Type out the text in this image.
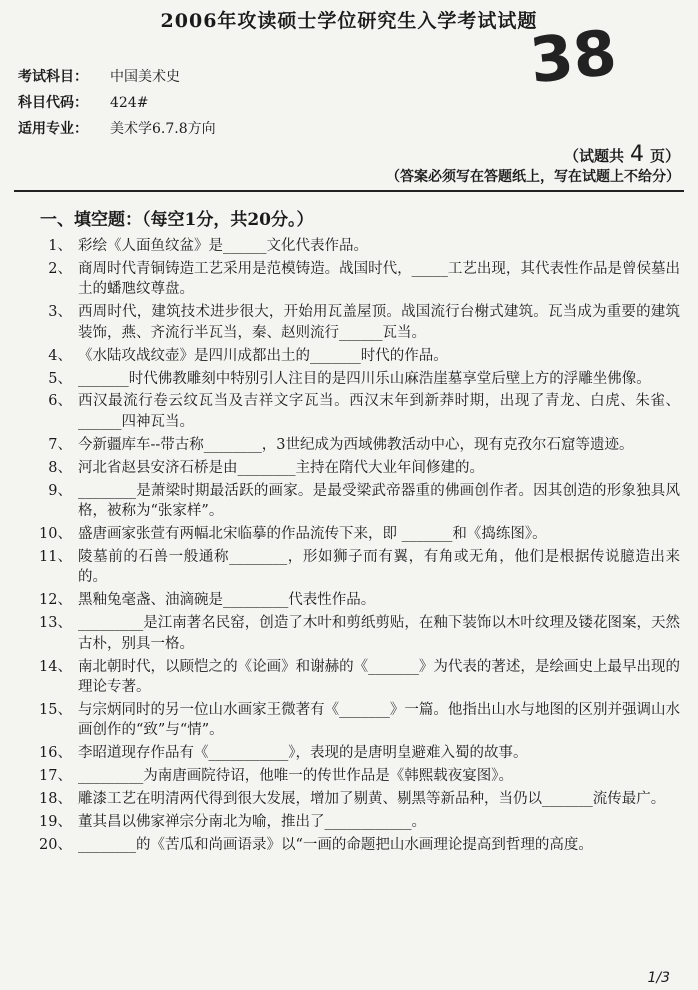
2006年攻读硕士学位研究生入学考试试题
38
考试科目： 中国美术史
科目代码： 424#
适用专业： 美术学6.7.8方向
（试题共 4 页）
（答案必须写在答题纸上，写在试题上不给分）
一、填空题：（每空1分，共20分。）
1、 彩绘《人面鱼纹盆》是______文化代表作品。
2、 商周时代青铜铸造工艺采用是范模铸造。战国时代，_____工艺出现，其代表性作品是曾侯墓出土的蟠虺纹尊盘。
3、 西周时代，建筑技术进步很大，开始用瓦盖屋顶。战国流行台榭式建筑。瓦当成为重要的建筑装饰，燕、齐流行半瓦当，秦、赵则流行______瓦当。
4、 《水陆攻战纹壶》是四川成都出土的_______时代的作品。
5、 _______时代佛教雕刻中特别引人注目的是四川乐山麻浩崖墓享堂后壁上方的浮雕坐佛像。
6、 西汉最流行卷云纹瓦当及吉祥文字瓦当。西汉末年到新莽时期，出现了青龙、白虎、朱雀、______四神瓦当。
7、 今新疆库车--带古称________，3世纪成为西域佛教活动中心，现有克孜尔石窟等遗迹。
8、 河北省赵县安济石桥是由________主持在隋代大业年间修建的。
9、 ________是萧梁时期最活跃的画家。是最受梁武帝器重的佛画创作者。因其创造的形象独具风格，被称为“张家样”。
10、 盛唐画家张萱有两幅北宋临摹的作品流传下来，即 _______和《捣练图》。
11、 陵墓前的石兽一般通称________，形如狮子而有翼，有角或无角，他们是根据传说臆造出来的。
12、 黑釉兔毫盏、油滴碗是_________代表性作品。
13、 _________是江南著名民窑，创造了木叶和剪纸剪贴，在釉下装饰以木叶纹理及镂花图案，天然古朴，别具一格。
14、 南北朝时代，以顾恺之的《论画》和谢赫的《_______》为代表的著述，是绘画史上最早出现的理论专著。
15、 与宗炳同时的另一位山水画家王微著有《_______》一篇。他指出山水与地图的区别并强调山水画创作的“致”与“情”。
16、 李昭道现存作品有《___________》，表现的是唐明皇避难入蜀的故事。
17、 _________为南唐画院待诏，他唯一的传世作品是《韩熙载夜宴图》。
18、 雕漆工艺在明清两代得到很大发展，增加了剔黄、剔黑等新品种，当仍以_______流传最广。
19、 董其昌以佛家禅宗分南北为喻，推出了____________。
20、 ________的《苦瓜和尚画语录》以“一画的命题把山水画理论提高到哲理的高度。
1/3
